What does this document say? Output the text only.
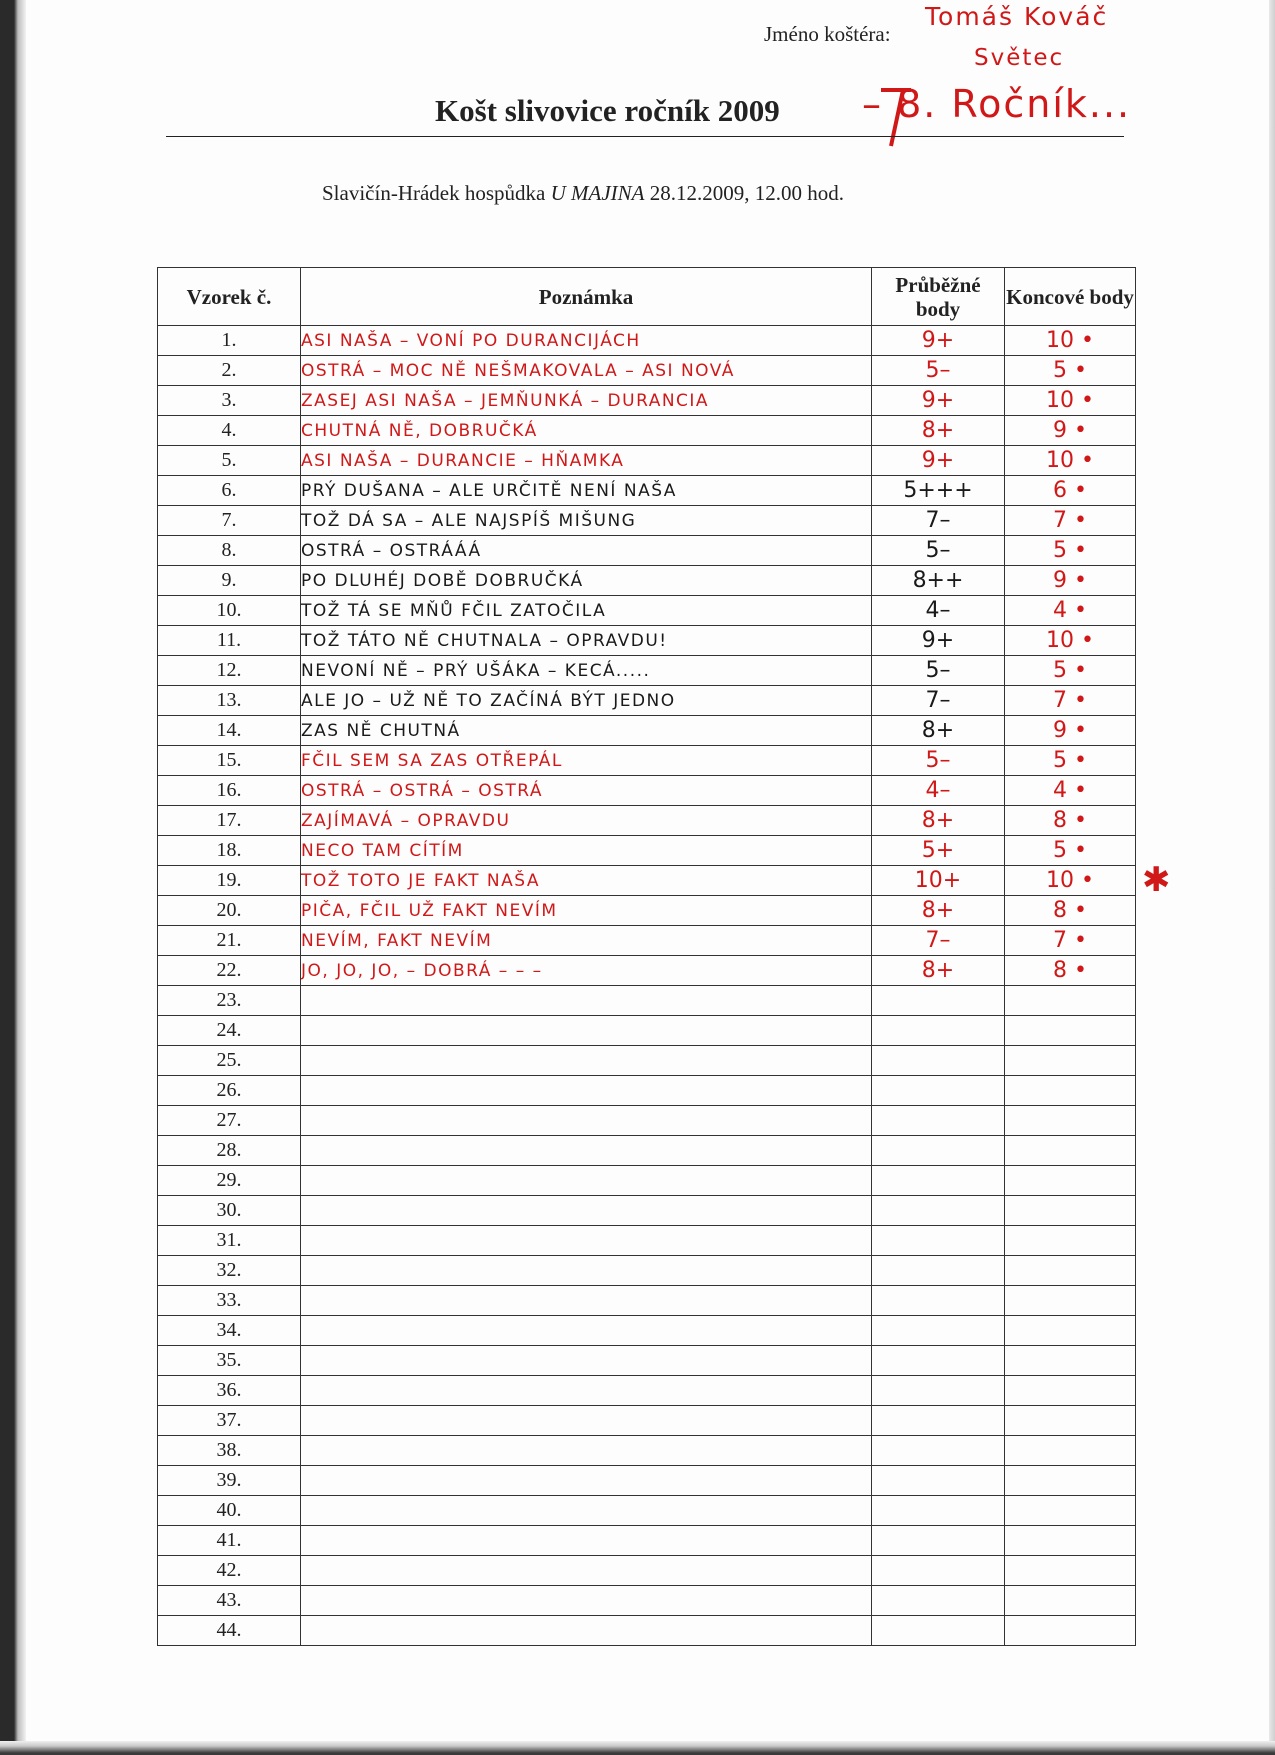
Jméno koštéra:
Tomáš Kováč
Světec
Košt slivovice ročník 2009 – 8. Ročník...
Slavičín-Hrádek hospůdka U MAJINA 28.12.2009, 12.00 hod.
Vzorek č.	Poznámka	Průběžné body	Koncové body
1.	ASI NAŠA – VONÍ PO DURANCIJÁCH	9+	10 •
2.	OSTRÁ – MOC NĚ NEŠMAKOVALA – ASI NOVÁ	5–	5 •
3.	ZASEJ ASI NAŠA – JEMŇUNKÁ – DURANCIA	9+	10 •
4.	CHUTNÁ NĚ, DOBRUČKÁ	8+	9 •
5.	ASI NAŠA – DURANCIE – HŇAMKA	9+	10 •
6.	PRÝ DUŠANA – ALE URČITĚ NENÍ NAŠA	5+++	6 •
7.	TOŽ DÁ SA – ALE NAJSPÍŠ MIŠUNG	7–	7 •
8.	OSTRÁ – OSTRÁÁÁ	5–	5 •
9.	PO DLUHÉJ DOBĚ DOBRUČKÁ	8++	9 •
10.	TOŽ TÁ SE MŇŮ FČIL ZATOČILA	4–	4 •
11.	TOŽ TÁTO NĚ CHUTNALA – OPRAVDU!	9+	10 •
12.	NEVONÍ NĚ – PRÝ UŠÁKA – KECÁ.....	5–	5 •
13.	ALE JO – UŽ NĚ TO ZAČÍNÁ BÝT JEDNO	7–	7 •
14.	ZAS NĚ CHUTNÁ	8+	9 •
15.	FČIL SEM SA ZAS OTŘEPÁL	5–	5 •
16.	OSTRÁ – OSTRÁ – OSTRÁ	4–	4 •
17.	ZAJÍMAVÁ – OPRAVDU	8+	8 •
18.	NECO TAM CÍTÍM	5+	5 •
19.	TOŽ TOTO JE FAKT NAŠA	10+	10 •
20.	PIČA, FČIL UŽ FAKT NEVÍM	8+	8 •
21.	NEVÍM, FAKT NEVÍM	7–	7 •
22.	JO, JO, JO, – DOBRÁ – – –	8+	8 •
23.			
24.			
25.			
26.			
27.			
28.			
29.			
30.			
31.			
32.			
33.			
34.			
35.			
36.			
37.			
38.			
39.			
40.			
41.			
42.			
43.			
44.			
✱
